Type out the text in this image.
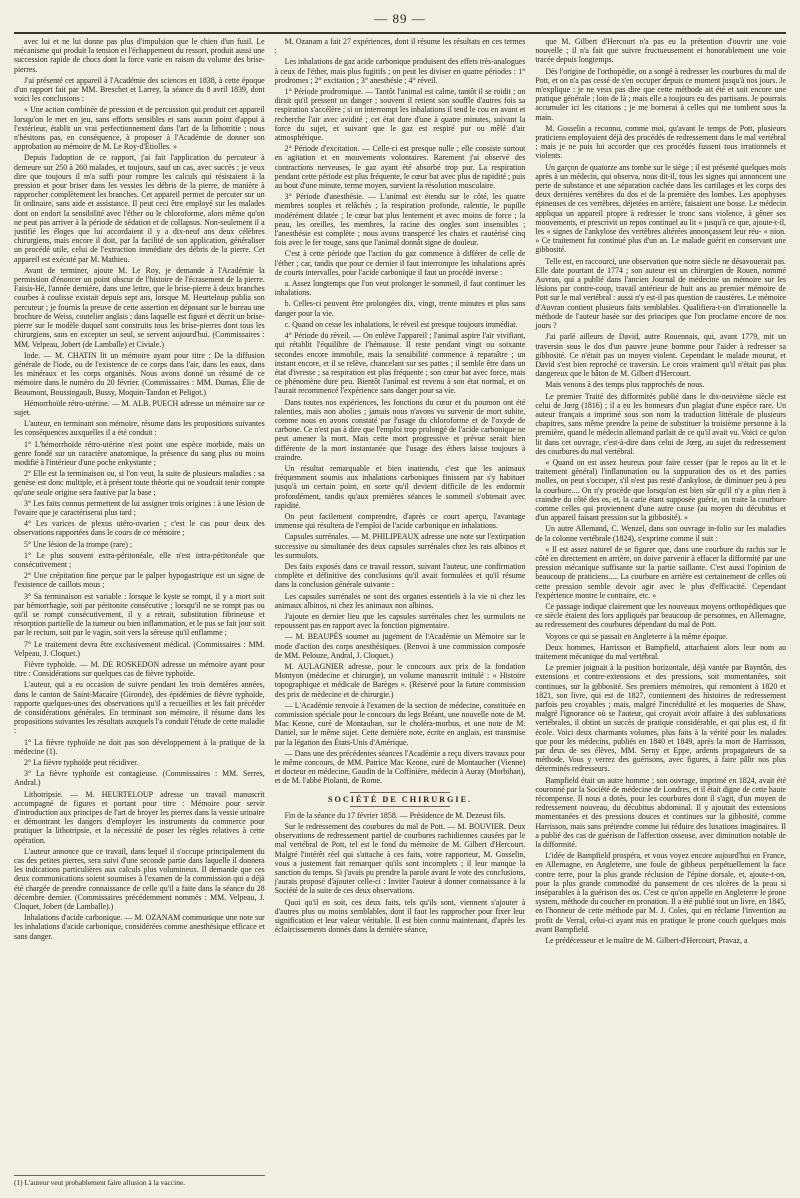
— 89 —

avec lui et ne lui donne pas plus d'impulsion que le chien d'un fusil. Le mécanisme qui produit la tension et l'échappement du ressort, produit aussi une succession rapide de chocs dont la force varie en raison du volume des brise-pierres.

J'ai présenté cet appareil à l'Académie des sciences en 1838, à cette époque d'un rapport fait par MM. Breschet et Larrey, la séance du 8 avril 1839, dont voici les conclusions :

« Une action combinée de pression et de percussion qui produit cet appareil lorsqu'on le met en jeu, sans efforts sensibles et sans aucun point d'appui à l'extérieur, établit un vrai perfectionnement dans l'art de la lithotritie ; nous n'hésitons pas, en conséquence, à proposer à l'Académie de donner son approbation au mémoire de M. Le Roy-d'Étiolles. »

Depuis l'adoption de ce rapport, j'ai fait l'application du percuteur à demeure sur 250 à 260 malades, et toujours, sauf un cas, avec succès ; je veux dire que toujours il m'a suffi pour rompre les calculs qui résistaient à la pression et pour briser dans les vessies les débris de la pierre, de manière à rapprocher complètement les branches. Cet appareil permet de percuter sur un lit ordinaire, sans aide et assistance. Il peut ceci être employé sur les malades dont on endort la sensibilité avec l'éther ou le chloroforme, alors même qu'on ne peut pas arriver à la période de sédation et de collapsus. Non-seulement il a justifié les éloges que lui accordaient il y a dix-neuf ans deux célèbres chirurgiens, mais encore il doit, par la facilité de son application, généraliser un procédé utile, celui de l'extraction immédiate des débris de la pierre. Cet appareil est exécuté par M. Mathieu.

Avant de terminer, ajoute M. Le Roy, je demande à l'Académie la permission d'énoncer un point obscur de l'histoire de l'écrasement de la pierre. Faisis-Hé, l'année dernière, dans une lettre, que le brise-pierre à deux branches courbes à coulisse existait depuis sept ans, lorsque M. Heurteloup publia son percuteur ; je fournis la preuve de cette assertion en déposant sur le bureau une brochure de Weiss, coutelier anglais ; dans laquelle est figuré et décrit un brise-pierre sur le modèle duquel sont construits tous les brise-pierres dont tous les chirurgiens, sans en excepter un seul, se servent aujourd'hui. (Commissaires : MM. Velpeau, Jobert (de Lamballe) et Civiale.)

Iode. — M. CHATIN lit un mémoire ayant pour titre : De la diffusion générale de l'iode, ou de l'existence de ce corps dans l'air, dans les eaux, dans les minéraux et les corps organisés. Nous avons donné un résumé de ce mémoire dans le numéro du 20 février. (Commissaires : MM. Dumas, Élie de Beaumont, Boussingault, Bussy, Moquin-Tandon et Peligot.)

Hémorrhoïde rétro-utérine. — M. ALB. PUECH adresse un mémoire sur ce sujet.

L'auteur, en terminant son mémoire, résume dans les propositions suivantes les conséquences auxquelles il a été conduit :

1° L'hémorrhoïde rétro-utérine n'est point une espèce morbide, mais un genre fondé sur un caractère anatomique, la présence du sang plus ou moins modifié à l'intérieur d'une poche enkystante ;

2° Elle est la terminaison ou, si l'on veut, la suite de plusieurs maladies : sa genèse est donc multiple, et à présent toute théorie qui ne voudrait tenir compte qu'une seule origine sera fautive par la base ;

3° Les faits connus permettent de lui assigner trois origines : à une lésion de l'ovaire que je caractériserai plus tard ;

4° Les varices de plexus utéro-ovarien ; c'est le cas pour deux des observations rapportées dans le cours de ce mémoire ;

5° Une lésion de la trompe (rare) ;

1° Le plus souvent extra-péritonéale, elle n'est intra-péritonéale que consécutivement ;

2° Une crépitation fine perçue par le palper hypogastrique est un signe de l'existence de caillots mous ;

3° Sa terminaison est variable : lorsque le kyste se rompt, il y a mort soit par hémorrhagie, soit par péritonite consécutive ; lorsqu'il ne se rompt pas ou qu'il se rompt consécutivement, il y a retrait, substitution fibrineuse et résorption partielle de la tumeur ou bien inflammation, et le pus se fait jour soit par le rectum, soit par le vagin, soit vers la séreuse qu'il enflamme ;

7° Le traitement devra être exclusivement médical. (Commissaires : MM. Velpeau, J. Cloquet.)

Fièvre typhoïde. — M. DE ROSKEDON adresse un mémoire ayant pour titre : Considérations sur quelques cas de fièvre typhoïde.

L'auteur, qui a eu occasion de suivre pendant les trois dernières années, dans le canton de Saint-Macaire (Gironde), des épidémies de fièvre typhoïde, rapporte quelques-unes des observations qu'il a recueillies et les fait précéder de considérations générales. En terminant son mémoire, il résume dans les propositions suivantes les résultats auxquels l'a conduit l'étude de cette maladie :

1° La fièvre typhoïde ne doit pas son développement à la pratique de la médecine (1).

2° La fièvre typhoïde peut récidiver.

3° La fièvre typhoïde est contagieuse. (Commissaires : MM. Serres, Andral.)

Lithotripsie. — M. HEURTELOUP adresse un travail manuscrit accompagné de figures et portant pour titre : Mémoire pour servir d'introduction aux principes de l'art de broyer les pierres dans la vessie urinaire et démontrant les dangers d'employer les instruments du commerce pour pratiquer la lithotripsie, et la nécessité de poser les règles relatives à cette opération.

L'auteur annonce que ce travail, dans lequel il s'occupe principalement du cas des petites pierres, sera suivi d'une seconde partie dans laquelle il donnera les indications particulières aux calculs plus volumineux. Il demande que ces deux communications soient soumises à l'examen de la commission qui a déjà été chargée de prendre connaissance de celle qu'il a faite dans la séance du 28 décembre dernier. (Commissaires précédemment nommés : MM. Velpeau, J. Cloquet, Jobert (de Lamballe).)

Inhalations d'acide carbonique. — M. OZANAM communique une note sur les inhalations d'acide carbonique, considérées comme anesthésique efficace et sans danger.

(1) L'auteur veut probablement faire allusion à la vaccine.

M. Ozanam a fait 27 expériences, dont il résume les résultats en ces termes :

Les inhalations de gaz acide carbonique produisent des effets très-analogues à ceux de l'éther, mais plus fugitifs ; on peut les diviser en quatre périodes : 1° prodromes ; 2° excitation ; 3° anesthésie ; 4° réveil.

1° Période prodromique. — Tantôt l'animal est calme, tantôt il se roidit ; on dirait qu'il pressent un danger ; souvent il retient son souffle d'autres fois sa respiration s'accélère ; si on interrompt les inhalations il tend le cou en avant et recherche l'air avec avidité ; cet état dure d'une à quatre minutes, suivant la force du sujet, et suivant que le gaz est respiré pur ou mêlé d'air atmosphérique.

2° Période d'excitation. — Celle-ci est presque nulle ; elle consiste surtout en agitation et en mouvements volontaires. Rarement j'ai observé des contractions nerveuses, le gaz ayant été absorbé trop pur. La respiration pendant cette période est plus fréquente, le cœur bat avec plus de rapidité ; puis au bout d'une minute, terme moyen, survient la résolution musculaire.

3° Période d'anesthésie. — L'animal est étendu sur le côté, les quatre membres souples et relâchés ; la respiration profonde, ralentie, le pupille modérément dilatée ; le cœur bat plus lentement et avec moins de force ; la peau, les oreilles, les membres, la racine des ongles sont insensibles ; l'anesthésie est complète ; nous avons transpercé les chairs et cautérisé cinq fois avec le fer rouge, sans que l'animal donnât signe de douleur.

C'est à cette période que l'action du gaz commence à différer de celle de l'éther ; car, tandis que pour ce dernier il faut interrompre les inhalations après de courts intervalles, pour l'acide carbonique il faut un procédé inverse :

a. Assez longtemps que l'on veut prolonger le sommeil, il faut continuer les inhalations.

b. Celles-ci peuvent être prolongées dix, vingt, trente minutes et plus sans danger pour la vie.

c. Quand on cesse les inhalations, le réveil est presque toujours immédiat.

4° Période du réveil. — On enlève l'appareil ; l'animal aspire l'air vivifiant, qui rétablit l'équilibre de l'hématose. Il reste pendant vingt ou soixante secondes encore immobile, mais la sensibilité commence à reparaître ; un instant encore, et il se relève, chancelant sur ses pattes ; il semble être dans un état d'ivresse ; sa respiration est plus fréquente ; son cœur bat avec force, mais ce phénomène dure peu. Bientôt l'animal est revenu à son état normal, et on l'aurait recommencé l'expérience sans danger pour sa vie.

Dans toutes nos expériences, les fonctions du cœur et du poumon ont été ralenties, mais non abolies ; jamais nous n'avons vu survenir de mort subite, comme nous en avons constaté par l'usage du chloroforme et de l'oxyde de carbone. Ce n'est pas à dire que l'emploi trop prolongé de l'acide carbonique ne peut amener la mort. Mais cette mort progressive et prévue serait bien différente de la mort instantanée que l'usage des éthers laisse toujours à craindre.

Un résultat remarquable et bien inattendu, c'est que les animaux fréquemment soumis aux inhalations carboniques finissent par s'y habituer jusqu'à un certain point, en sorte qu'il devient difficile de les endormir profondément, tandis qu'aux premières séances le sommeil s'obtenait avec rapidité.

On peut facilement comprendre, d'après ce court aperçu, l'avantage immense qui résultera de l'emploi de l'acide carbonique en inhalations.

Capsules surrénales. — M. PHILIPEAUX adresse une note sur l'extirpation successive ou simultanée des deux capsules surrénales chez les rats albinos et les surmulots.

Des faits exposés dans ce travail ressort, suivant l'auteur, une confirmation complète et définitive des conclusions qu'il avait formulées et qu'il résume dans la conclusion générale suivante :

Les capsules surrénales ne sont des organes essentiels à la vie ni chez les animaux albinos, ni chez les animaux non albinos.

J'ajoute en dernier lieu que les capsules surrénales chez les surmulots ne repoussent pas en rapport avec la fonction pigmentaire.

— M. BEAUPÈS soumet au jugement de l'Académie un Mémoire sur le mode d'action des corps anesthésiques. (Renvoi à une commission composée de MM. Pelouze, Andral, J. Cloquet.)

M. AULAGNIER adresse, pour le concours aux prix de la fondation Montyon (médecine et chirurgie), un volume manuscrit intitulé : « Histoire topographique et médicale de Barèges ». (Réservé pour la future commission des prix de médecine et de chirurgie.)

— L'Académie renvoie à l'examen de la section de médecine, constituée en commission spéciale pour le concours du legs Bréant, une nouvelle note de M. Mac Keone, curé de Montauban, sur le choléra-morbus, et une note de M. Daniel, sur le même sujet. Cette dernière note, écrite en anglais, est transmise par la légation des États-Unis d'Amérique.

— Dans une des précédentes séances l'Académie a reçu divers travaux pour le même concours, de MM. Patrice Mac Keone, curé de Montaucher (Vienne) et docteur en médecine, Gaudin de la Coffinière, médecin à Auray (Morbihan), et de M. l'abbé Piolanti, de Rome.

SOCIÉTÉ DE CHIRURGIE.

Fin de la séance du 17 février 1858. — Présidence de M. Dezeust fils.

Sur le redressement des courbures du mal de Pott. — M. BOUVIER. Deux observations de redressement partiel de courbures rachidiennes causées par le mal vertébral de Pott, tel est le fond du mémoire de M. Gilbert d'Hercourt. Malgré l'intérêt réel qui s'attache à ces faits, votre rapporteur, M. Gosselin, vous a justement fait remarquer qu'ils sont incomplets ; il leur manque la sanction du temps. Si j'avais pu prendre la parole avant le vote des conclusions, j'aurais proposé d'ajouter celle-ci : Inviter l'auteur à donner connaissance à la Société de la suite de ces deux observations.

Quoi qu'il en soit, ces deux faits, tels qu'ils sont, viennent s'ajouter à d'autres plus ou moins semblables, dont il faut les rapprocher pour fixer leur signification et leur valeur véritable. Il est bien connu maintenant, d'après les éclaircissements donnés dans la dernière séance,

que M. Gilbert d'Hercourt n'a pas eu la prétention d'ouvrir une voie nouvelle ; il n'a fait que suivre fructueusement et honorablement une voie tracée depuis longtemps.

Dès l'origine de l'orthopédie, on a songé à redresser les courbures du mal de Pott, et on n'a pas cessé de s'en occuper depuis ce moment jusqu'à nos jours. Je m'explique : je ne veux pas dire que cette méthode ait été et soit encore une pratique générale ; loin de là ; mais elle a toujours eu des partisans. Je pourrais accumuler ici les citations ; je me bornerai à celles qui me tombent sous la main.

M. Gosselin a reconnu, comme moi, qu'avant le temps de Pott, plusieurs praticiens employaient déjà des procédés de redressement dans le mal vertébral ; mais je ne puis lui accorder que ces procédés fussent tous irrationnels et violents.

Un garçon de quatorze ans tombe sur le siège ; il est présenté quelques mois après à un médecin, qui observa, nous dit-il, tous les signes qui annoncent une perte de substance et une séparation cachée dans les cartilages et les corps des deux dernières vertèbres du dos et de la première des lombes. Les apophyses épineuses de ces vertèbres, déjetées en arrière, faisaient une bosse. Le médecin appliqua un appareil propre à redresser le tronc sans violence, à gêner ses mouvements, et prescrivit un repos continuel au lit « jusqu'à ce que, ajoute-t-il, les « signes de l'ankylose des vertèbres altérées annonçassent leur réu- « nion. » Ce traitement fut continué plus d'un an. Le malade guérit en conservant une gibbosité.

Telle est, en raccourci, une observation que notre siècle ne désavouerait pas. Elle date pourtant de 1774 ; son auteur est un chirurgien de Rouen, nommé Auvran, qui a publié dans l'ancien Journal de médecine un mémoire sur les lésions par contre-coup, travail antérieur de huit ans au premier mémoire de Pott sur le mal vertébral : aussi n'y est-il pas question de caustères. Le mémoire d'Auvran contient plusieurs faits semblables. Qualifiera-t-on d'irrationnelle la méthode de l'auteur basée sur des principes que l'on proclame encore de nos jours ?

J'ai parlé ailleurs de David, autre Rouennais, qui, avant 1779, mit un traversin sous le dos d'un pauvre jeune homme pour l'aider à redresser sa gibbosité. Ce n'était pas un moyen violent. Cependant le malade mourut, et David s'est bien reproché ce traversin. Le crois vraiment qu'il n'était pas plus dangereux que le bâton de M. Gilbert d'Hercourt.

Mais venons à des temps plus rapprochés de nous.

Le premier Traité des difformités publié dans le dix-neuvième siècle est celui de Jœrg (1816) ; il a eu les honneurs d'un plagiat d'une espèce rare. Un auteur français a imprimé sous son nom la traduction littérale de plusieurs chapitres, sans même prendre la peine de substituer la troisième personne à la première, quand le médecin allemand parlait de ce qu'il avait vu. Voici ce qu'on lit dans cet ouvrage, c'est-à-dire dans celui de Jœrg, au sujet du redressement des courbures du mal vertébral.

« Quand on est assez heureux pour faire cesser (par le repos au lit et le traitement général) l'inflammation ou la suppuration des os et des parties molles, on peut s'occuper, s'il n'est pas resté d'ankylose, de diminuer peu à peu la courbure.... On n'y procède que lorsqu'on est bien sûr qu'il n'y a plus rien à craindre du côté des os, et, la carie étant supposée guérie, on traite la courbure comme celles qui proviennent d'une autre cause (au moyen du décubitus et d'un appareil faisant pression sur la gibbosité). »

Un autre Allemand, C. Wenzel, dans son ouvrage in-folio sur les maladies de la colonne vertébrale (1824), s'exprime comme il suit :

« Il est assez naturel de se figurer que, dans une courbure du rachis sur le côté en directement en arrière, on doive parvenir à effacer la difformité par une pression mécanique suffisante sur la partie saillante. C'est aussi l'opinion de beaucoup de praticiens..... La courbure en arrière est certainement de celles où cette pression semble devoir agir avec le plus d'efficacité. Cependant l'expérience montre le contraire, etc. »

Ce passage indique clairement que les nouveaux moyens orthopédiques que ce siècle étaient des lors appliqués par beaucoup de personnes, en Allemagne, au redressement des courbures dépendant du mal de Pott.

Voyons ce qui se passait en Angleterre à la même époque.

Deux hommes, Harrisson et Bampfield, attachaient alors leur nom au traitement mécanique du mal vertébral.

Le premier joignait à la position horizontale, déjà vantée par Bayntôn, des extensions et contre-extensions et des pressions, soit momentanées, soit continues, sur la gibbosité. Ses premiers mémoires, qui remontent à 1820 et 1821, son livre, qui est de 1827, contiennent des histoires de redressement parfois peu croyables ; mais, malgré l'incrédulité et les moqueries de Shaw, malgré l'ignorance où se l'auteur, qui croyait avoir affaire à des subluxations vertébrales, il obtint un succès de pratique considérable, et qui plus est, il fit école. Voici deux charmants volumes, plus faits à la vérité pour les malades que pour les médecins, publiés en 1840 et 1849, après la mort de Harrisson, par deux de ses élèves, MM. Serny et Eppe, ardents propagateurs de sa méthode. Vous y verrez des guérisons, avec figures, à faire pâlir nos plus déterminés redresseurs.

Bampfield était un autre homme ; son ouvrage, imprimé en 1824, avait été couronné par la Société de médecine de Londres, et il était digne de cette haute récompense. Il nous a dotés, pour les courbures dont il s'agit, d'un moyen de redressement nouveau, du décubitus abdominal. Il y ajoutait des extensions momentanées et des pressions douces et continues sur la gibbosité, comme Harrisson, mais sans prétendre comme lui réduire des luxations imaginaires. Il a publié des cas de guérison de l'affection osseuse, avec diminution notable de la difformité.

L'idée de Bampfield prospéra, et vous voyez encore aujourd'hui en France, en Allemagne, en Angleterre, une foule de gibbeux perpétuellement la face contre terre, pour la plus grande réclusion de l'épine dorsale, et, ajoute-t-on, pour la plus grande commodité du pansement de ces ulcères de la peau si inséparables à la guérison des os. C'est ce qu'on appelle en Angleterre le prone system, méthode du coucher en pronation. Il a été publié tout un livre, en 1845, en l'honneur de cette méthode par M. J. Coles, qui en réclame l'invention au profit de Verral, celui-ci ayant mis en pratique le prone couch quelques mois avant Bampfield.

Le prédécesseur et le maître de M. Gilbert-d'Hercourt, Pravaz, a
